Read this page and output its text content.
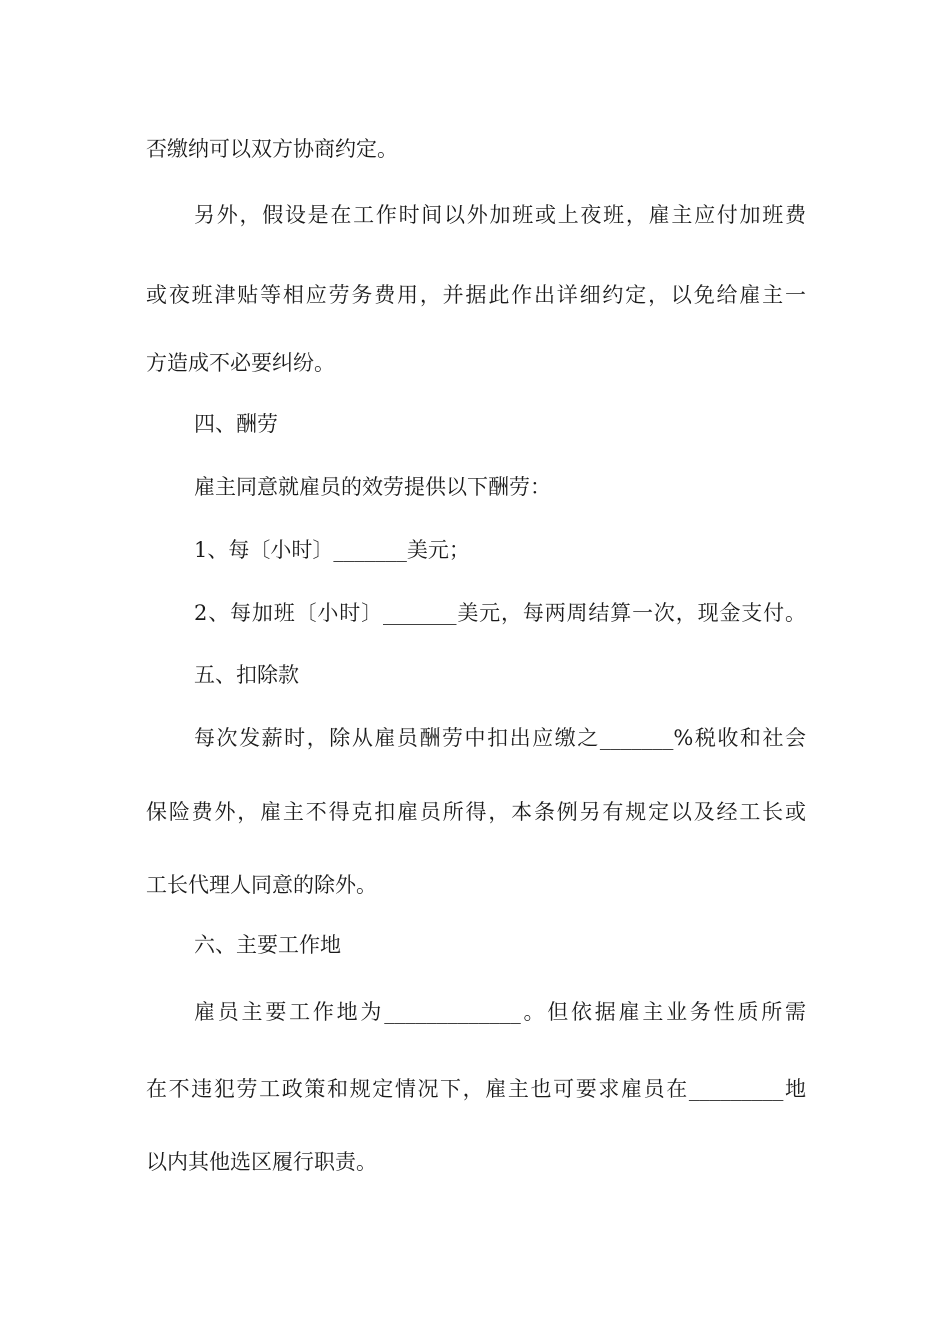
否缴纳可以双方协商约定。
另外，假设是在工作时间以外加班或上夜班，雇主应付加班费
或夜班津贴等相应劳务费用，并据此作出详细约定，以免给雇主一
方造成不必要纠纷。
四、酬劳
雇主同意就雇员的效劳提供以下酬劳：
1、每〔小时〕_______美元；
2、每加班〔小时〕_______美元，每两周结算一次，现金支付。
五、扣除款
每次发薪时，除从雇员酬劳中扣出应缴之_______%税收和社会
保险费外，雇主不得克扣雇员所得，本条例另有规定以及经工长或
工长代理人同意的除外。
六、主要工作地
雇员主要工作地为_____________。但依据雇主业务性质所需
在不违犯劳工政策和规定情况下，雇主也可要求雇员在_________地
以内其他选区履行职责。
